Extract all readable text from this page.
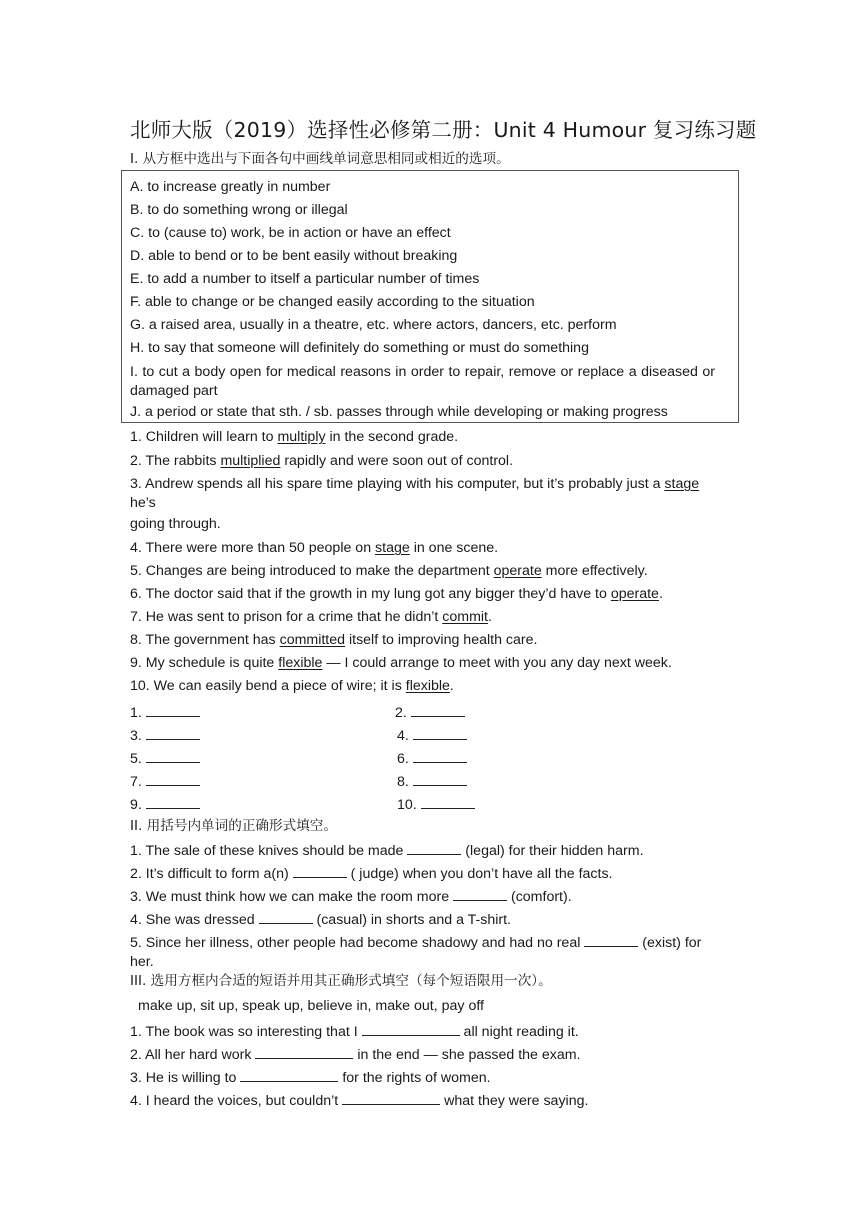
北师大版（2019）选择性必修第二册：Unit 4 Humour 复习练习题
I. 从方框中选出与下面各句中画线单词意思相同或相近的选项。
A. to increase greatly in number
B. to do something wrong or illegal
C. to (cause to) work, be in action or have an effect
D. able to bend or to be bent easily without breaking
E. to add a number to itself a particular number of times
F. able to change or be changed easily according to the situation
G. a raised area, usually in a theatre, etc. where actors, dancers, etc. perform
H. to say that someone will definitely do something or must do something
I. to cut a body open for medical reasons in order to repair, remove or replace a diseased or damaged part
J. a period or state that sth. / sb. passes through while developing or making progress
1. Children will learn to multiply in the second grade.
2. The rabbits multiplied rapidly and were soon out of control.
3. Andrew spends all his spare time playing with his computer, but it’s probably just a stage he’s
going through.
4. There were more than 50 people on stage in one scene.
5. Changes are being introduced to make the department operate more effectively.
6. The doctor said that if the growth in my lung got any bigger they’d have to operate.
7. He was sent to prison for a crime that he didn’t commit.
8. The government has committed itself to improving health care.
9. My schedule is quite flexible — I could arrange to meet with you any day next week.
10. We can easily bend a piece of wire; it is flexible.
1.	2.
3.	4.
5.	6.
7.	8.
9.	10.
II. 用括号内单词的正确形式填空。
1. The sale of these knives should be made	(legal) for their hidden harm.
2. It’s difficult to form a(n)	( judge) when you don’t have all the facts.
3. We must think how we can make the room more	(comfort).
4. She was dressed	(casual) in shorts and a T-shirt.
5. Since her illness, other people had become shadowy and had no real	(exist) for her.
III. 选用方框内合适的短语并用其正确形式填空（每个短语限用一次）。
make up, sit up, speak up, believe in, make out, pay off
1. The book was so interesting that I	all night reading it.
2. All her hard work	in the end — she passed the exam.
3. He is willing to	for the rights of women.
4. I heard the voices, but couldn’t	what they were saying.
